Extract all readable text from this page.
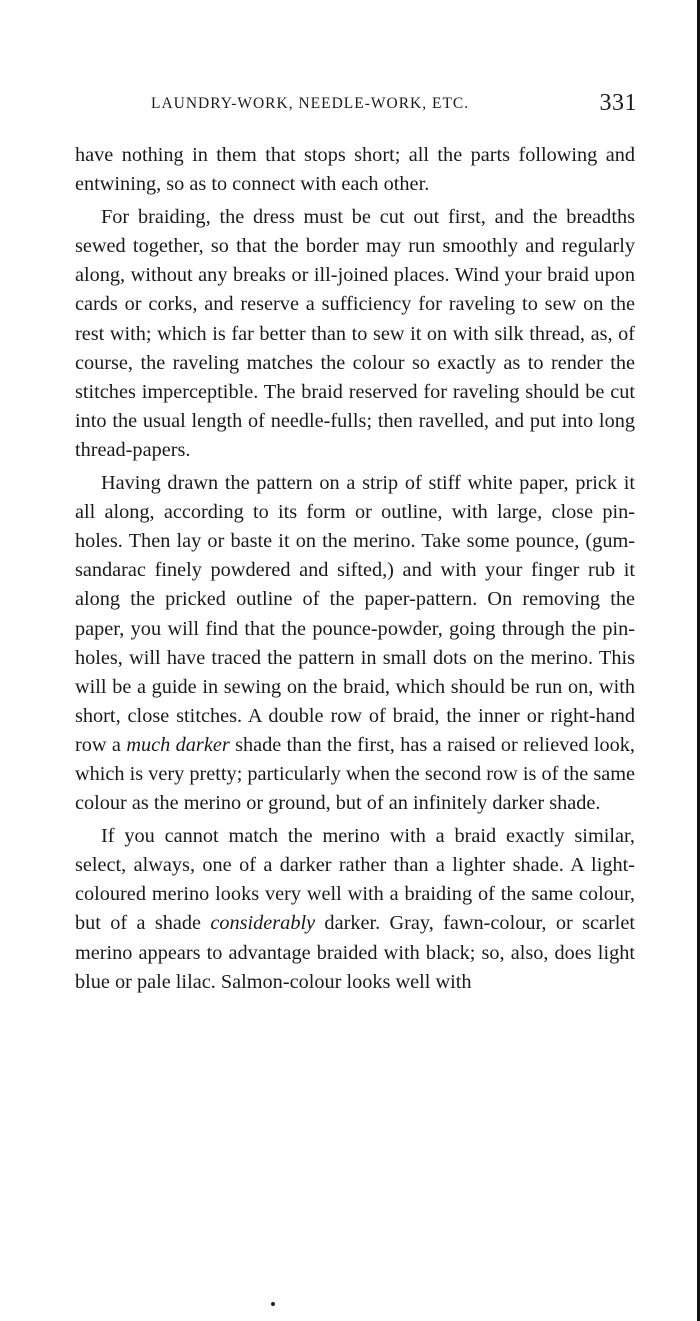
LAUNDRY-WORK, NEEDLE-WORK, ETC.	331

have nothing in them that stops short; all the parts following and entwining, so as to connect with each other.

For braiding, the dress must be cut out first, and the breadths sewed together, so that the border may run smoothly and regularly along, without any breaks or ill-joined places. Wind your braid upon cards or corks, and reserve a sufficiency for raveling to sew on the rest with; which is far better than to sew it on with silk thread, as, of course, the raveling matches the colour so exactly as to render the stitches imperceptible. The braid reserved for raveling should be cut into the usual length of needle-fulls; then ravelled, and put into long thread-papers.

Having drawn the pattern on a strip of stiff white paper, prick it all along, according to its form or outline, with large, close pin-holes. Then lay or baste it on the merino. Take some pounce, (gum-sandarac finely powdered and sifted,) and with your finger rub it along the pricked outline of the paper-pattern. On removing the paper, you will find that the pounce-powder, going through the pin-holes, will have traced the pattern in small dots on the merino. This will be a guide in sewing on the braid, which should be run on, with short, close stitches. A double row of braid, the inner or right-hand row a much darker shade than the first, has a raised or relieved look, which is very pretty; particularly when the second row is of the same colour as the merino or ground, but of an infinitely darker shade.

If you cannot match the merino with a braid exactly similar, select, always, one of a darker rather than a lighter shade. A light-coloured merino looks very well with a braiding of the same colour, but of a shade considerably darker. Gray, fawn-colour, or scarlet merino appears to advantage braided with black; so, also, does light blue or pale lilac. Salmon-colour looks well with
